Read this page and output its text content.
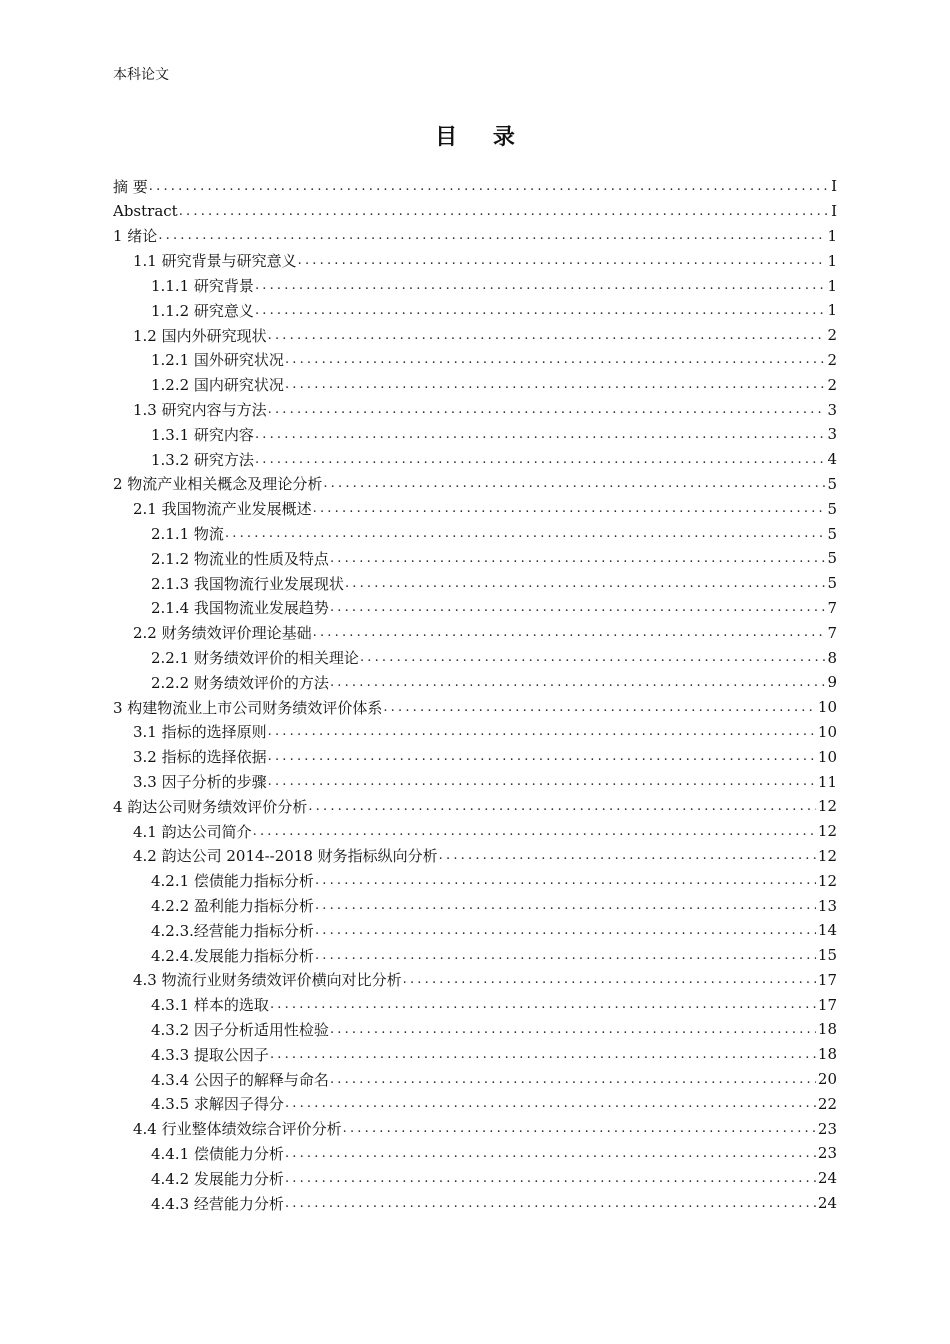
本科论文
目 录
摘 要 .....	I
Abstract .....	I
1 绪论 .....	1
1.1 研究背景与研究意义 .....	1
1.1.1 研究背景 .....	1
1.1.2 研究意义 .....	1
1.2 国内外研究现状 .....	2
1.2.1 国外研究状况 .....	2
1.2.2 国内研究状况 .....	2
1.3 研究内容与方法 .....	3
1.3.1 研究内容 .....	3
1.3.2 研究方法 .....	4
2 物流产业相关概念及理论分析 .....	5
2.1 我国物流产业发展概述 .....	5
2.1.1 物流 .....	5
2.1.2 物流业的性质及特点 .....	5
2.1.3 我国物流行业发展现状 .....	5
2.1.4 我国物流业发展趋势 .....	7
2.2 财务绩效评价理论基础 .....	7
2.2.1 财务绩效评价的相关理论 .....	8
2.2.2 财务绩效评价的方法 .....	9
3 构建物流业上市公司财务绩效评价体系 .....	10
3.1 指标的选择原则 .....	10
3.2 指标的选择依据 .....	10
3.3 因子分析的步骤 .....	11
4 韵达公司财务绩效评价分析 .....	12
4.1 韵达公司简介 .....	12
4.2 韵达公司 2014--2018 财务指标纵向分析 .....	12
4.2.1 偿债能力指标分析 .....	12
4.2.2 盈利能力指标分析 .....	13
4.2.3.经营能力指标分析 .....	14
4.2.4.发展能力指标分析 .....	15
4.3 物流行业财务绩效评价横向对比分析 .....	17
4.3.1 样本的选取 .....	17
4.3.2 因子分析适用性检验 .....	18
4.3.3 提取公因子 .....	18
4.3.4 公因子的解释与命名 .....	20
4.3.5 求解因子得分 .....	22
4.4 行业整体绩效综合评价分析 .....	23
4.4.1 偿债能力分析 .....	23
4.4.2 发展能力分析 .....	24
4.4.3 经营能力分析 .....	24
